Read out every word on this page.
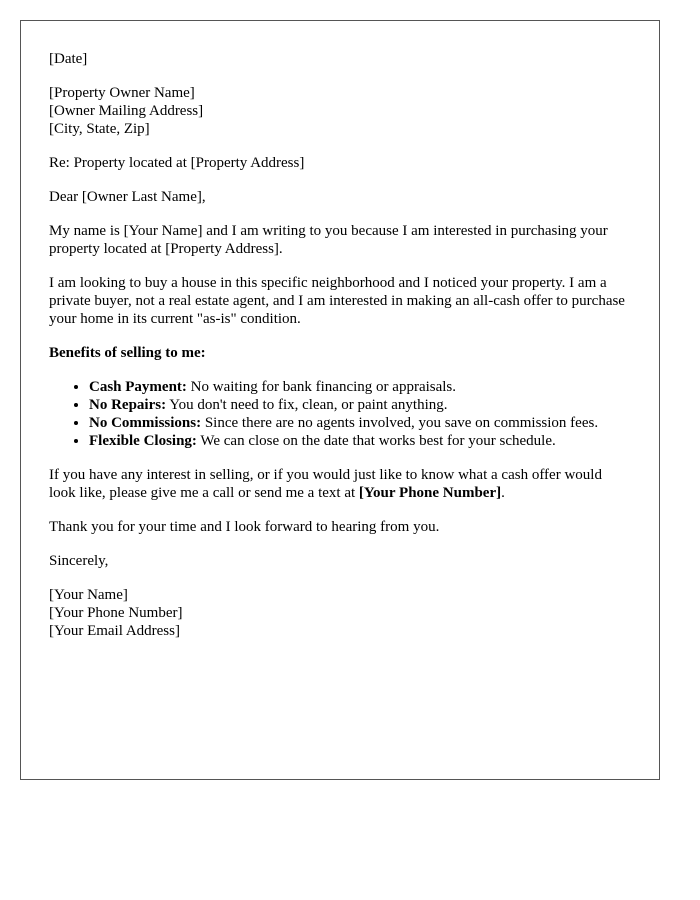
[Date]

[Property Owner Name]
[Owner Mailing Address]
[City, State, Zip]

Re: Property located at [Property Address]

Dear [Owner Last Name],

My name is [Your Name] and I am writing to you because I am interested in purchasing your property located at [Property Address].

I am looking to buy a house in this specific neighborhood and I noticed your property. I am a private buyer, not a real estate agent, and I am interested in making an all-cash offer to purchase your home in its current "as-is" condition.

Benefits of selling to me:

• Cash Payment: No waiting for bank financing or appraisals.
• No Repairs: You don't need to fix, clean, or paint anything.
• No Commissions: Since there are no agents involved, you save on commission fees.
• Flexible Closing: We can close on the date that works best for your schedule.

If you have any interest in selling, or if you would just like to know what a cash offer would look like, please give me a call or send me a text at [Your Phone Number].

Thank you for your time and I look forward to hearing from you.

Sincerely,

[Your Name]
[Your Phone Number]
[Your Email Address]
